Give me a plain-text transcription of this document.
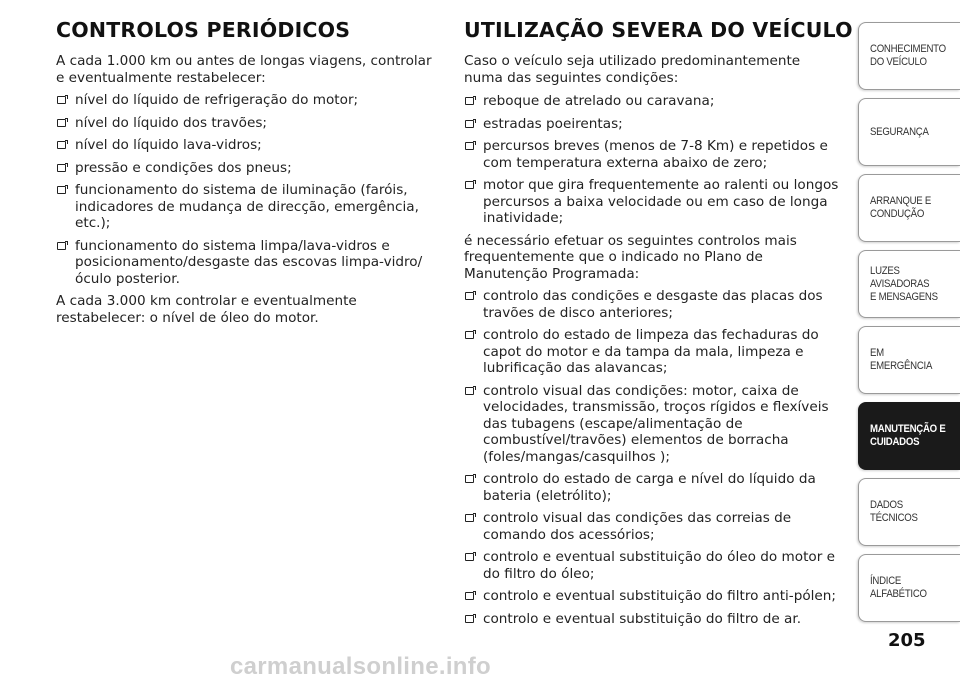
CONTROLOS PERIÓDICOS

A cada 1.000 km ou antes de longas viagens, controlar e eventualmente restabelecer:

nível do líquido de refrigeração do motor;
nível do líquido dos travões;
nível do líquido lava-vidros;
pressão e condições dos pneus;
funcionamento do sistema de iluminação (faróis, indicadores de mudança de direcção, emergência, etc.);
funcionamento do sistema limpa/lava-vidros e posicionamento/desgaste das escovas limpa-vidro/óculo posterior.

A cada 3.000 km controlar e eventualmente restabelecer: o nível de óleo do motor.

UTILIZAÇÃO SEVERA DO VEÍCULO

Caso o veículo seja utilizado predominantemente numa das seguintes condições:

reboque de atrelado ou caravana;
estradas poeirentas;
percursos breves (menos de 7-8 Km) e repetidos e com temperatura externa abaixo de zero;
motor que gira frequentemente ao ralenti ou longos percursos a baixa velocidade ou em caso de longa inatividade;

é necessário efetuar os seguintes controlos mais frequentemente que o indicado no Plano de Manutenção Programada:

controlo das condições e desgaste das placas dos travões de disco anteriores;
controlo do estado de limpeza das fechaduras do capot do motor e da tampa da mala, limpeza e lubrificação das alavancas;
controlo visual das condições: motor, caixa de velocidades, transmissão, troços rígidos e flexíveis das tubagens (escape/alimentação de combustível/travões) elementos de borracha (foles/mangas/casquilhos );
controlo do estado de carga e nível do líquido da bateria (eletrólito);
controlo visual das condições das correias de comando dos acessórios;
controlo e eventual substituição do óleo do motor e do filtro do óleo;
controlo e eventual substituição do filtro anti-pólen;
controlo e eventual substituição do filtro de ar.
CONHECIMENTO
DO VEÍCULO
SEGURANÇA
ARRANQUE E
CONDUÇÃO
LUZES AVISADORAS
E MENSAGENS
EM EMERGÊNCIA
MANUTENÇÃO E
CUIDADOS
DADOS TÉCNICOS
ÍNDICE ALFABÉTICO
205
carmanualsonline.info
